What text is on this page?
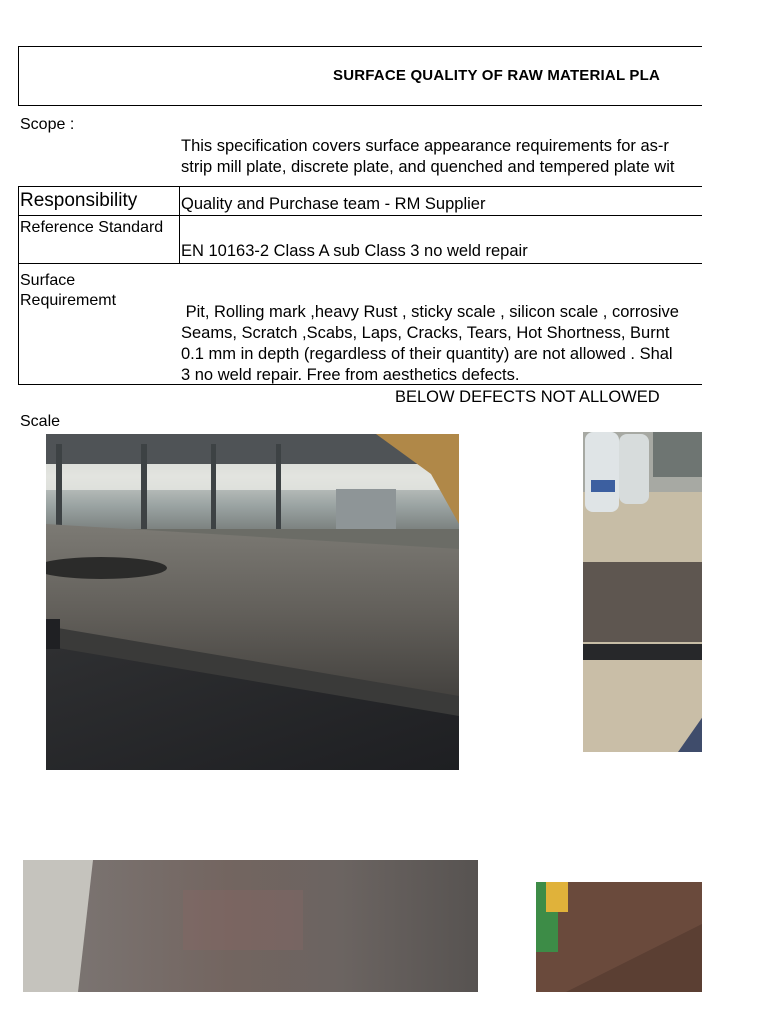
SURFACE QUALITY OF RAW MATERIAL PLA
Scope :
This specification covers surface appearance requirements for as-r
strip mill plate, discrete plate, and quenched and tempered plate wit
Responsibility	Quality and Purchase team - RM Supplier
Reference Standard
EN 10163-2 Class A sub Class 3 no weld repair
Surface
Requirememt
Pit, Rolling mark ,heavy Rust , sticky scale , silicon scale , corrosive
Seams, Scratch ,Scabs, Laps, Cracks, Tears, Hot Shortness, Burnt
0.1 mm in depth (regardless of their quantity) are not allowed . Shal
3 no weld repair. Free from aesthetics defects.
BELOW DEFECTS NOT ALLOWED
Scale
